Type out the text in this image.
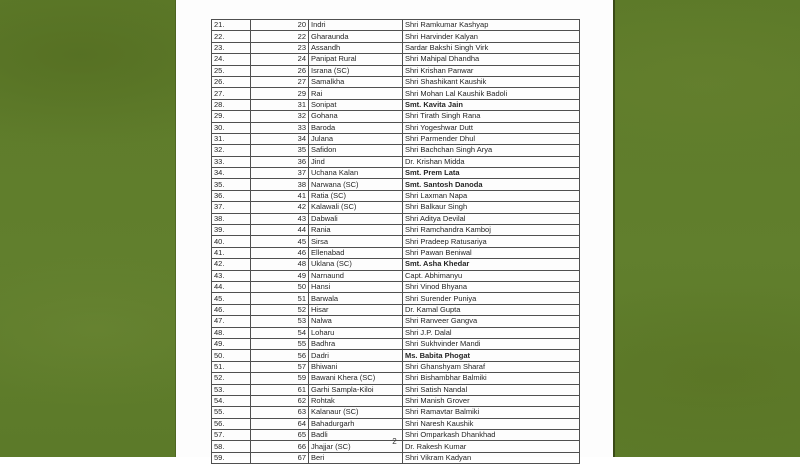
21.	20	Indri	Shri Ramkumar Kashyap
22.	22	Gharaunda	Shri Harvinder Kalyan
23.	23	Assandh	Sardar Bakshi Singh Virk
24.	24	Panipat Rural	Shri Mahipal Dhandha
25.	26	Israna (SC)	Shri Krishan Panwar
26.	27	Samalkha	Shri Shashikant Kaushik
27.	29	Rai	Shri Mohan Lal Kaushik Badoli
28.	31	Sonipat	Smt. Kavita Jain
29.	32	Gohana	Shri Tirath Singh Rana
30.	33	Baroda	Shri Yogeshwar Dutt
31.	34	Julana	Shri Parmender Dhul
32.	35	Safidon	Shri Bachchan Singh Arya
33.	36	Jind	Dr. Krishan Midda
34.	37	Uchana Kalan	Smt. Prem Lata
35.	38	Narwana (SC)	Smt. Santosh Danoda
36.	41	Ratia (SC)	Shri Laxman Napa
37.	42	Kalawali (SC)	Shri Balkaur Singh
38.	43	Dabwali	Shri Aditya Devilal
39.	44	Rania	Shri Ramchandra Kamboj
40.	45	Sirsa	Shri Pradeep Ratusariya
41.	46	Ellenabad	Shri Pawan Beniwal
42.	48	Uklana (SC)	Smt. Asha Khedar
43.	49	Narnaund	Capt. Abhimanyu
44.	50	Hansi	Shri Vinod Bhyana
45.	51	Barwala	Shri Surender Puniya
46.	52	Hisar	Dr. Kamal Gupta
47.	53	Nalwa	Shri Ranveer Gangva
48.	54	Loharu	Shri J.P. Dalal
49.	55	Badhra	Shri Sukhvinder Mandi
50.	56	Dadri	Ms. Babita Phogat
51.	57	Bhiwani	Shri Ghanshyam Sharaf
52.	59	Bawani Khera (SC)	Shri Bishambhar Balmiki
53.	61	Garhi Sampla-Kiloi	Shri Satish Nandal
54.	62	Rohtak	Shri Manish Grover
55.	63	Kalanaur (SC)	Shri Ramavtar Balmiki
56.	64	Bahadurgarh	Shri Naresh Kaushik
57.	65	Badli	Shri Omparkash Dhankhad
58.	66	Jhajjar (SC)	Dr. Rakesh Kumar
59.	67	Beri	Shri Vikram Kadyan
2
